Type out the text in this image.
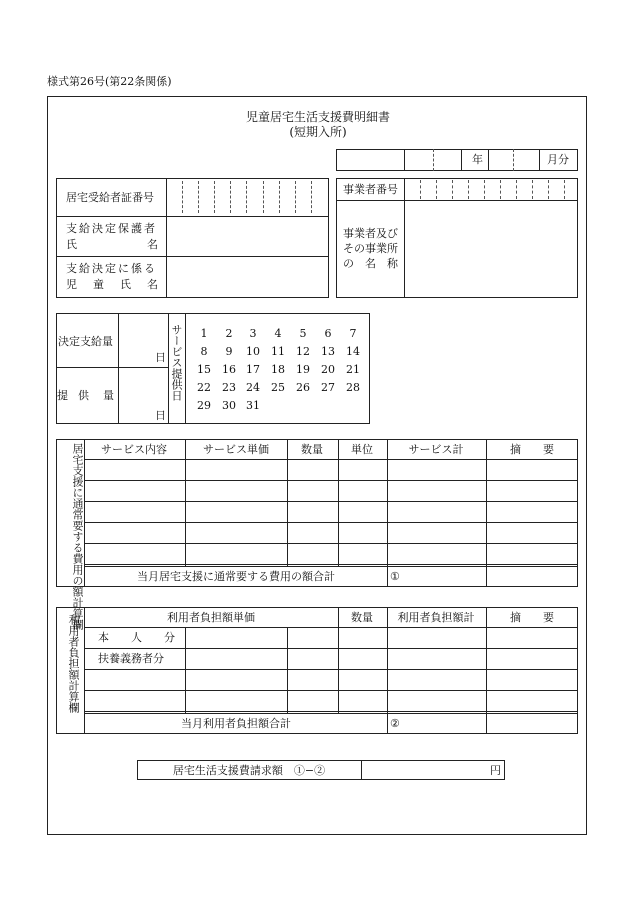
様式第26号(第22条関係)
児童居宅生活支援費明細書
(短期入所)
年	月分
居宅受給者証番号
支給決定保護者
氏	名
支給決定に係る
児 童 氏 名
事業者番号
事業者及び
その事業所
の 名 称
決定支給量
日
提 供 量
日
サービス提供日 1 2 3 4 5 6 7
8 9 10 11 12 13 14
15 16 17 18 19 20 21
22 23 24 25 26 27 28
29 30 31
居宅支援に通常要する費用の額計算欄 サービス内容	サービス単価	数量	単位	サービス計	摘　　要
当月居宅支援に通常要する費用の額合計	①
利用者負担額計算欄	利用者負担額単価	数量 利用者負担額計	摘　　要
本　　人　　分
扶養義務者分
当月利用者負担額合計	②
居宅生活支援費請求額　①−②	円
